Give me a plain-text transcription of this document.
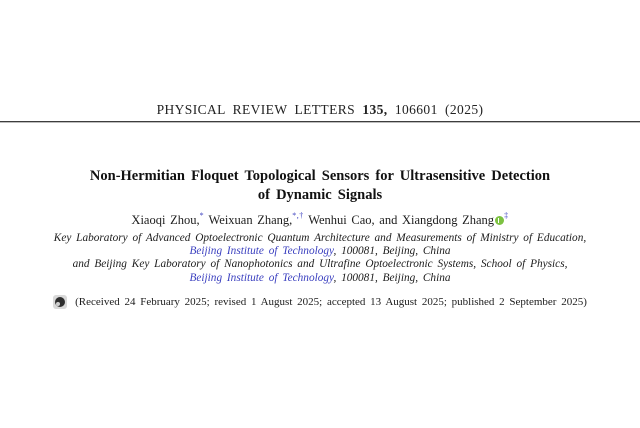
PHYSICAL REVIEW LETTERS 135, 106601 (2025)
Non-Hermitian Floquet Topological Sensors for Ultrasensitive Detection
of Dynamic Signals
Xiaoqi Zhou,* Weixuan Zhang,*,† Wenhui Cao, and Xiangdong Zhang ‡
Key Laboratory of Advanced Optoelectronic Quantum Architecture and Measurements of Ministry of Education,
Beijing Institute of Technology, 100081, Beijing, China
and Beijing Key Laboratory of Nanophotonics and Ultrafine Optoelectronic Systems, School of Physics,
Beijing Institute of Technology, 100081, Beijing, China
(Received 24 February 2025; revised 1 August 2025; accepted 13 August 2025; published 2 September 2025)
